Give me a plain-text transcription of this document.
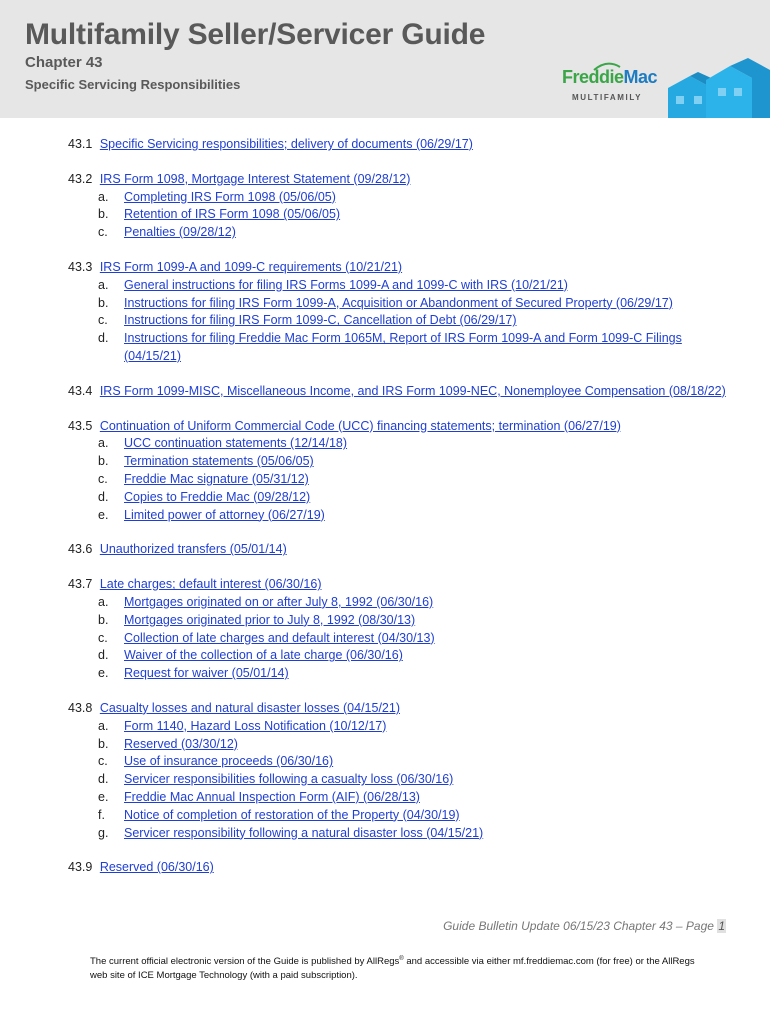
Multifamily Seller/Servicer Guide
Chapter 43
Specific Servicing Responsibilities	FreddieMac
MULTIFAMILY
43.1 Specific Servicing responsibilities; delivery of documents (06/29/17)
43.2 IRS Form 1098, Mortgage Interest Statement (09/28/12)
a.	Completing IRS Form 1098 (05/06/05)
b.	Retention of IRS Form 1098 (05/06/05)
c.	Penalties (09/28/12)
43.3 IRS Form 1099-A and 1099-C requirements (10/21/21)
a.	General instructions for filing IRS Forms 1099-A and 1099-C with IRS (10/21/21)
b.	Instructions for filing IRS Form 1099-A, Acquisition or Abandonment of Secured Property (06/29/17)
c.	Instructions for filing IRS Form 1099-C, Cancellation of Debt (06/29/17)
d.	Instructions for filing Freddie Mac Form 1065M, Report of IRS Form 1099-A and Form 1099-C Filings (04/15/21)
43.4 IRS Form 1099-MISC, Miscellaneous Income, and IRS Form 1099-NEC, Nonemployee Compensation (08/18/22)
43.5 Continuation of Uniform Commercial Code (UCC) financing statements; termination (06/27/19)
a.	UCC continuation statements (12/14/18)
b.	Termination statements (05/06/05)
c.	Freddie Mac signature (05/31/12)
d.	Copies to Freddie Mac (09/28/12)
e.	Limited power of attorney (06/27/19)
43.6 Unauthorized transfers (05/01/14)
43.7 Late charges; default interest (06/30/16)
a.	Mortgages originated on or after July 8, 1992 (06/30/16)
b.	Mortgages originated prior to July 8, 1992 (08/30/13)
c.	Collection of late charges and default interest (04/30/13)
d.	Waiver of the collection of a late charge (06/30/16)
e.	Request for waiver (05/01/14)
43.8 Casualty losses and natural disaster losses (04/15/21)
a.	Form 1140, Hazard Loss Notification (10/12/17)
b.	Reserved (03/30/12)
c.	Use of insurance proceeds (06/30/16)
d.	Servicer responsibilities following a casualty loss (06/30/16)
e.	Freddie Mac Annual Inspection Form (AIF) (06/28/13)
f.	Notice of completion of restoration of the Property (04/30/19)
g.	Servicer responsibility following a natural disaster loss (04/15/21)
43.9 Reserved (06/30/16)
Guide Bulletin Update 06/15/23 Chapter 43 – Page 1
The current official electronic version of the Guide is published by AllRegs® and accessible via either mf.freddiemac.com (for free) or the AllRegs web site of ICE Mortgage Technology (with a paid subscription).
